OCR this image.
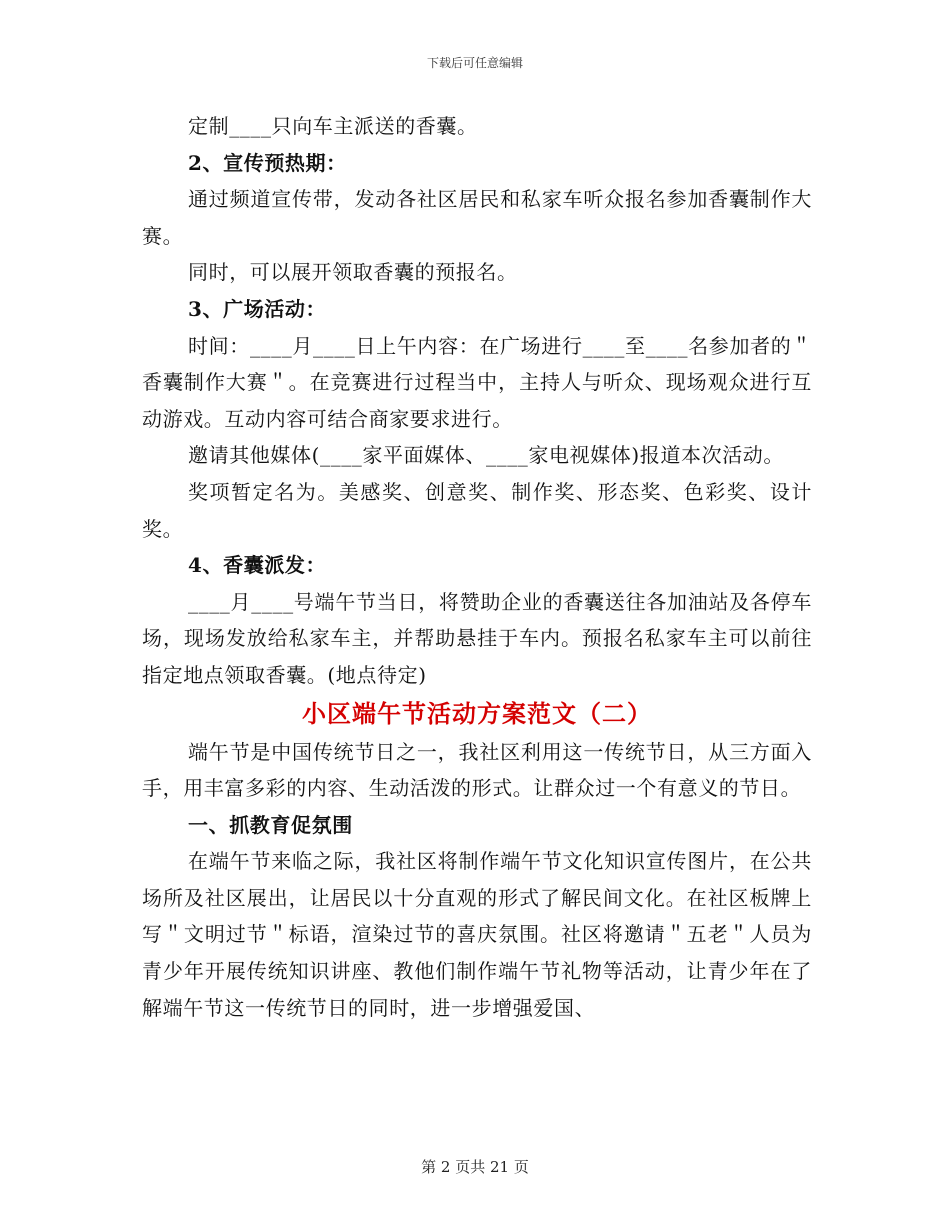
下载后可任意编辑

定制____只向车主派送的香囊。

2、宣传预热期：

通过频道宣传带，发动各社区居民和私家车听众报名参加香囊制作大赛。

同时，可以展开领取香囊的预报名。

3、广场活动：

时间：____月____日上午内容：在广场进行____至____名参加者的＂香囊制作大赛＂。在竞赛进行过程当中，主持人与听众、现场观众进行互动游戏。互动内容可结合商家要求进行。

邀请其他媒体(____家平面媒体、____家电视媒体)报道本次活动。

奖项暂定名为。美感奖、创意奖、制作奖、形态奖、色彩奖、设计奖。

4、香囊派发：

____月____号端午节当日，将赞助企业的香囊送往各加油站及各停车场，现场发放给私家车主，并帮助悬挂于车内。预报名私家车主可以前往指定地点领取香囊。(地点待定)

小区端午节活动方案范文（二）

端午节是中国传统节日之一，我社区利用这一传统节日，从三方面入手，用丰富多彩的内容、生动活泼的形式。让群众过一个有意义的节日。

一、抓教育促氛围

在端午节来临之际，我社区将制作端午节文化知识宣传图片，在公共场所及社区展出，让居民以十分直观的形式了解民间文化。在社区板牌上写＂文明过节＂标语，渲染过节的喜庆氛围。社区将邀请＂五老＂人员为青少年开展传统知识讲座、教他们制作端午节礼物等活动，让青少年在了解端午节这一传统节日的同时，进一步增强爱国、

第 2 页共 21 页
